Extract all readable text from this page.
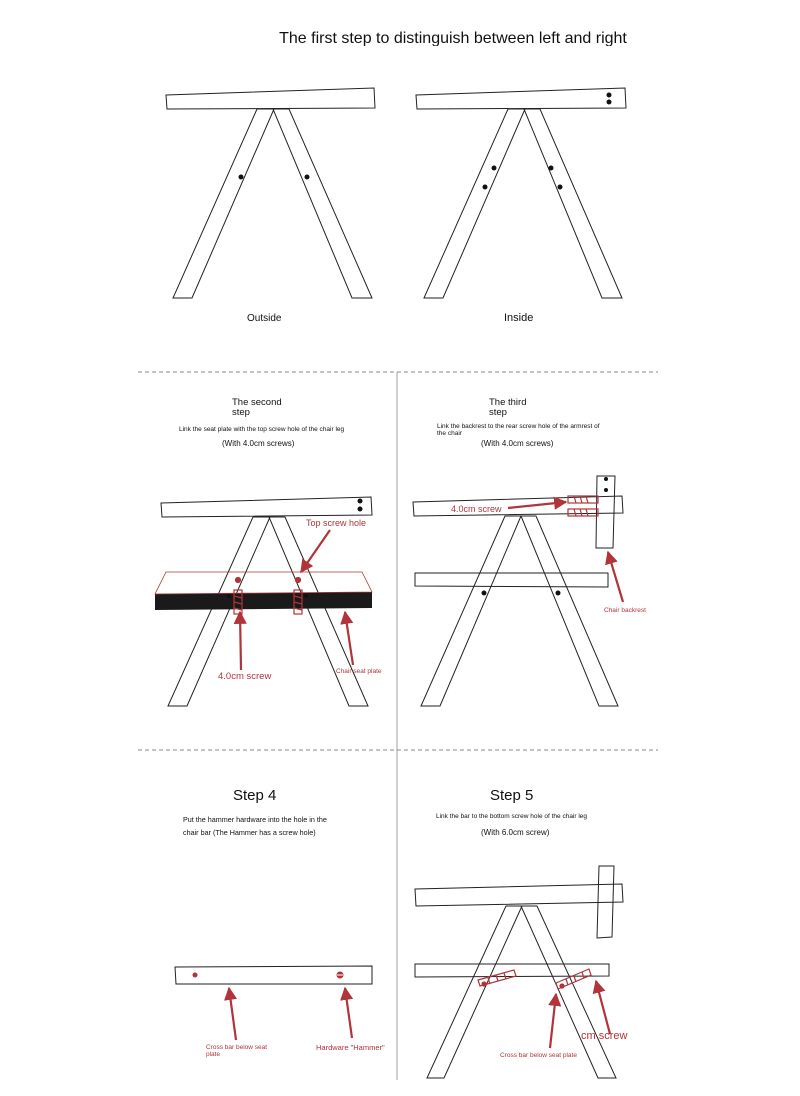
The first step to distinguish between left and right
Outside	Inside
The second
step
Link the seat plate with the top screw hole of the chair leg
(With 4.0cm screws)
Top screw hole
4.0cm screw	Chair seat plate
The third
step
Link the backrest to the rear screw hole of the armrest of
the chair
(With 4.0cm screws)
4.0cm screw
Chair backrest
Step 4
Put the hammer hardware into the hole in the
chair bar (The Hammer has a screw hole)
Cross bar below seat
plate
Hardware "Hammer"
Step 5
Link the bar to the bottom screw hole of the chair leg
(With 6.0cm screw)
cm screw
Cross bar below seat plate
